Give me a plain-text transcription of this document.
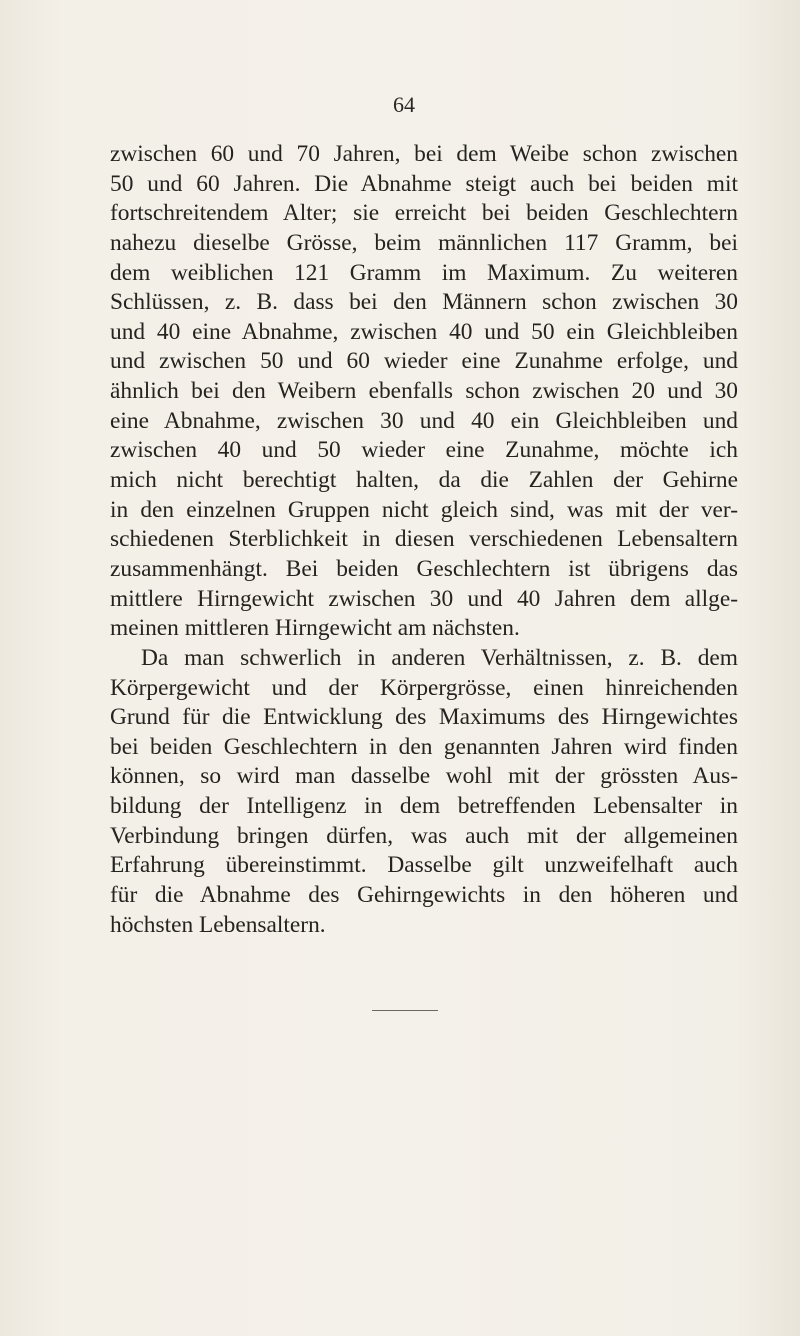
64
zwischen 60 und 70 Jahren, bei dem Weibe schon zwischen
50 und 60 Jahren. Die Abnahme steigt auch bei beiden mit
fortschreitendem Alter; sie erreicht bei beiden Geschlechtern
nahezu dieselbe Grösse, beim männlichen 117 Gramm, bei
dem weiblichen 121 Gramm im Maximum. Zu weiteren
Schlüssen, z. B. dass bei den Männern schon zwischen 30
und 40 eine Abnahme, zwischen 40 und 50 ein Gleichbleiben
und zwischen 50 und 60 wieder eine Zunahme erfolge, und
ähnlich bei den Weibern ebenfalls schon zwischen 20 und 30
eine Abnahme, zwischen 30 und 40 ein Gleichbleiben und
zwischen 40 und 50 wieder eine Zunahme, möchte ich
mich nicht berechtigt halten, da die Zahlen der Gehirne
in den einzelnen Gruppen nicht gleich sind, was mit der ver-
schiedenen Sterblichkeit in diesen verschiedenen Lebensaltern
zusammenhängt. Bei beiden Geschlechtern ist übrigens das
mittlere Hirngewicht zwischen 30 und 40 Jahren dem allge-
meinen mittleren Hirngewicht am nächsten.
Da man schwerlich in anderen Verhältnissen, z. B. dem
Körpergewicht und der Körpergrösse, einen hinreichenden
Grund für die Entwicklung des Maximums des Hirngewichtes
bei beiden Geschlechtern in den genannten Jahren wird finden
können, so wird man dasselbe wohl mit der grössten Aus-
bildung der Intelligenz in dem betreffenden Lebensalter in
Verbindung bringen dürfen, was auch mit der allgemeinen
Erfahrung übereinstimmt. Dasselbe gilt unzweifelhaft auch
für die Abnahme des Gehirngewichts in den höheren und
höchsten Lebensaltern.
